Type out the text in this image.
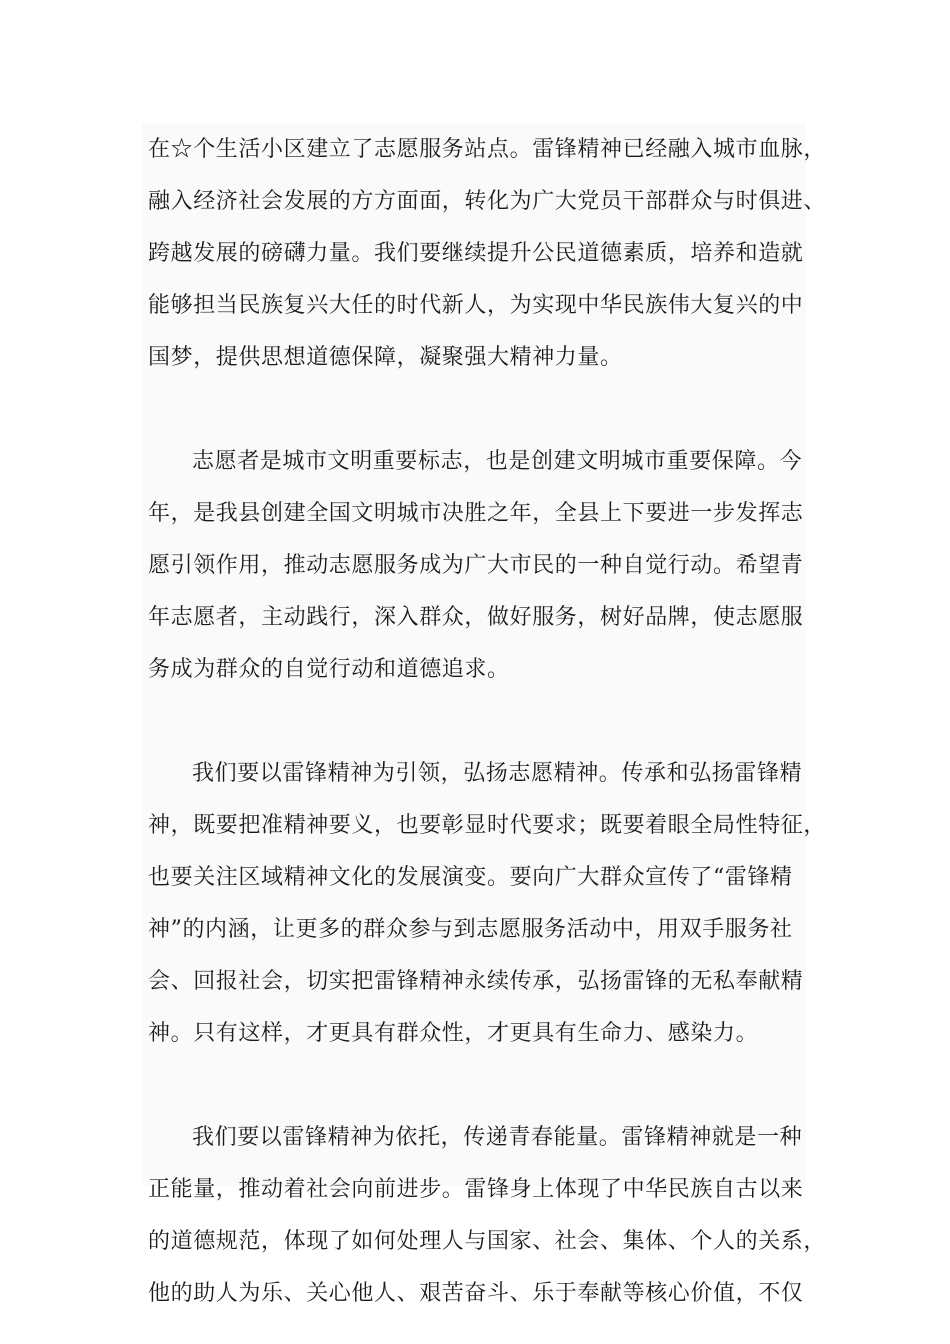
在☆个生活小区建立了志愿服务站点。雷锋精神已经融入城市血脉，
融入经济社会发展的方方面面，转化为广大党员干部群众与时俱进、
跨越发展的磅礴力量。我们要继续提升公民道德素质，培养和造就
能够担当民族复兴大任的时代新人，为实现中华民族伟大复兴的中
国梦，提供思想道德保障，凝聚强大精神力量。
志愿者是城市文明重要标志，也是创建文明城市重要保障。今
年，是我县创建全国文明城市决胜之年，全县上下要进一步发挥志
愿引领作用，推动志愿服务成为广大市民的一种自觉行动。希望青
年志愿者，主动践行，深入群众，做好服务，树好品牌，使志愿服
务成为群众的自觉行动和道德追求。
我们要以雷锋精神为引领，弘扬志愿精神。传承和弘扬雷锋精
神，既要把准精神要义，也要彰显时代要求；既要着眼全局性特征，
也要关注区域精神文化的发展演变。要向广大群众宣传了“雷锋精
神”的内涵，让更多的群众参与到志愿服务活动中，用双手服务社
会、回报社会，切实把雷锋精神永续传承，弘扬雷锋的无私奉献精
神。只有这样，才更具有群众性，才更具有生命力、感染力。
我们要以雷锋精神为依托，传递青春能量。雷锋精神就是一种
正能量，推动着社会向前进步。雷锋身上体现了中华民族自古以来
的道德规范，体现了如何处理人与国家、社会、集体、个人的关系，
他的助人为乐、关心他人、艰苦奋斗、乐于奉献等核心价值，不仅
